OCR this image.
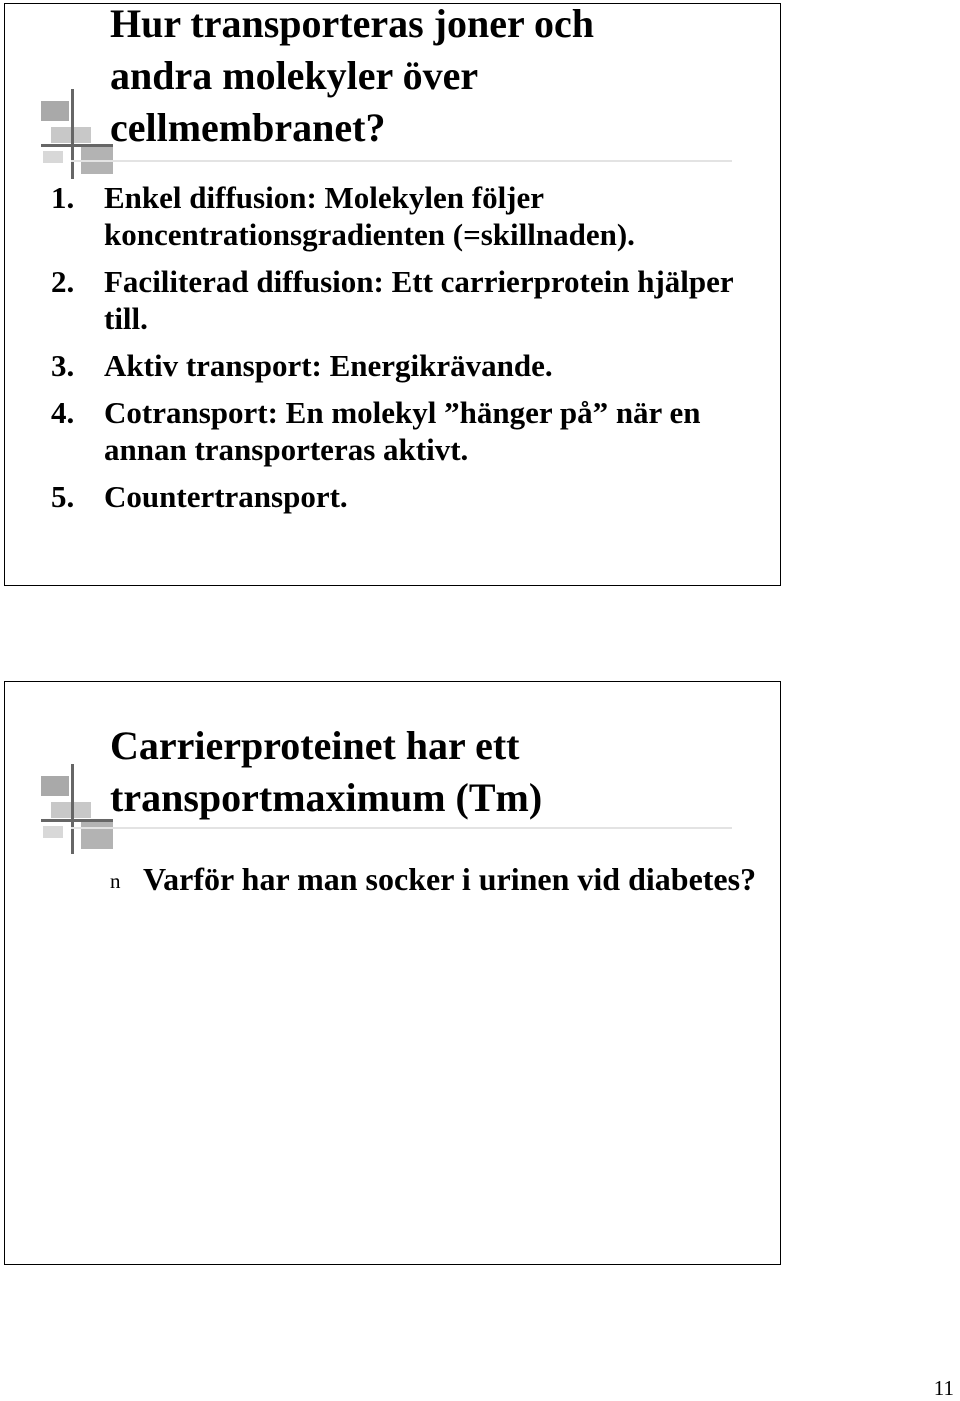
Hur transporteras joner och
andra molekyler över
cellmembranet?
1. Enkel diffusion: Molekylen följer koncentrationsgradienten (=skillnaden).
2. Faciliterad diffusion: Ett carrierprotein hjälper till.
3. Aktiv transport: Energikrävande.
4. Cotransport: En molekyl ”hänger på” när en annan transporteras aktivt.
5. Countertransport.
Carrierproteinet har ett
transportmaximum (Tm)
n Varför har man socker i urinen vid diabetes?
11
